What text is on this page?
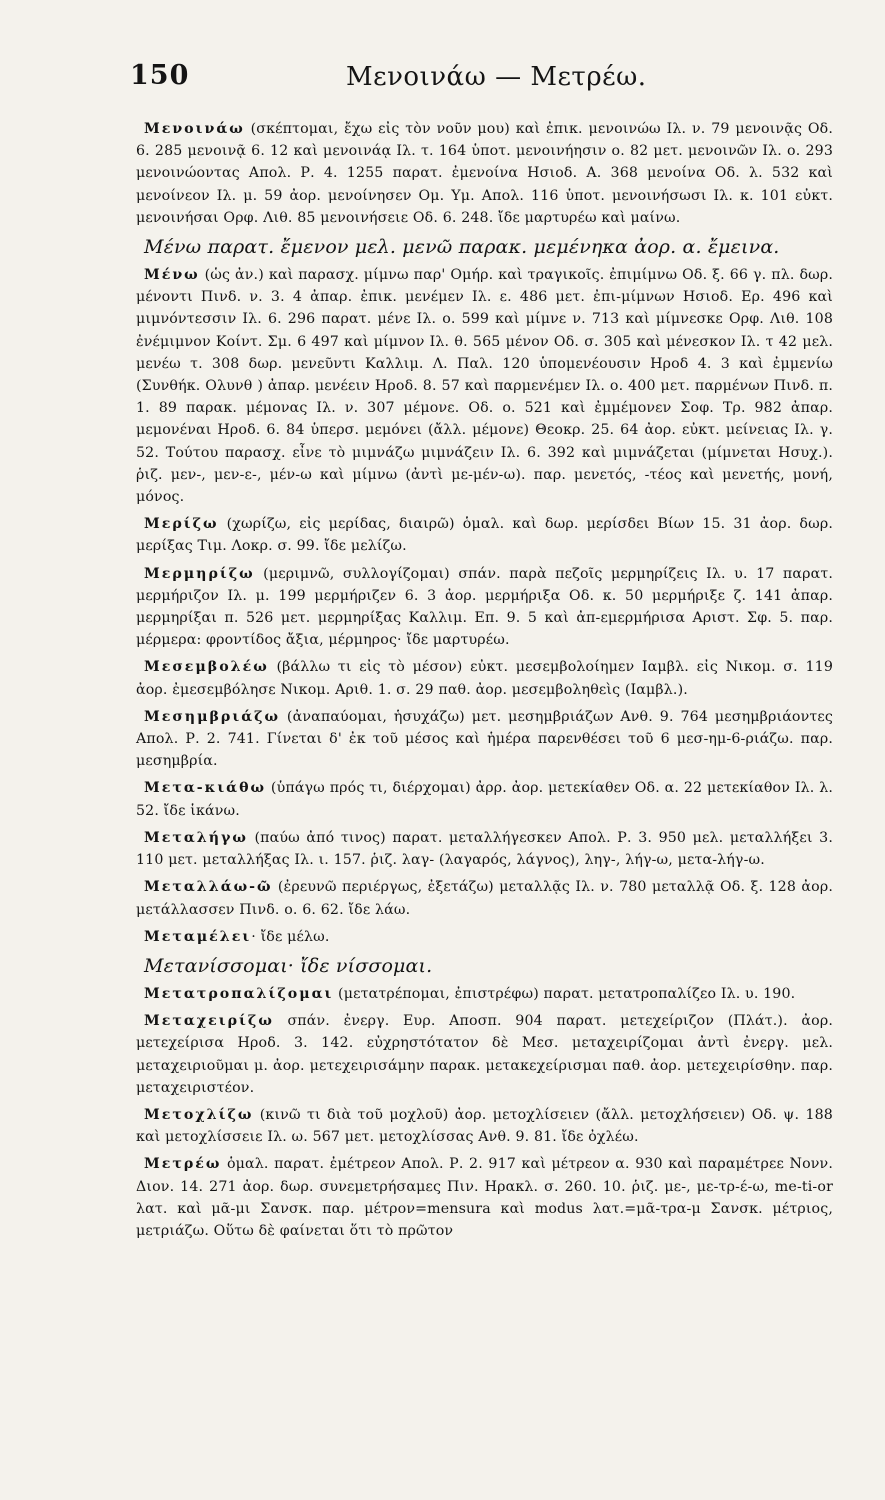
150	Μενοινάω — Μετρέω.

Μενοινάω (σκέπτομαι, ἔχω εἰς τὸν νοῦν μου) καὶ ἐπικ. μενοινώω Ιλ. ν. 79 μενοινᾷς Οδ. 6. 285 μενοινᾷ 6. 12 καὶ μενοινάᾳ Ιλ. τ. 164 ὑποτ. μενοινήησιν ο. 82 μετ. μενοινῶν Ιλ. ο. 293 μενοινώοντας Απολ. Ρ. 4. 1255 παρατ. ἐμενοίνα Ησιοδ. Α. 368 μενοίνα Οδ. λ. 532 καὶ μενοίνεον Ιλ. μ. 59 ἀορ. μενοίνησεν Ομ. Υμ. Απολ. 116 ὑποτ. μενοινήσωσι Ιλ. κ. 101 εὐκτ. μενοινήσαι Ορφ. Λιθ. 85 μενοινήσειε Οδ. 6. 248. ἴδε μαρτυρέω καὶ μαίνω.

Μένω παρατ. ἔμενον μελ. μενῶ παρακ. μεμένηκα ἀορ. α. ἔμεινα.

Μένω (ὡς ἀν.) καὶ παρασχ. μίμνω παρ' Ομήρ. καὶ τραγικοῖς. ἐπιμίμνω Οδ. ξ. 66 γ. πλ. δωρ. μένοντι Πινδ. ν. 3. 4 ἀπαρ. ἐπικ. μενέμεν Ιλ. ε. 486 μετ. ἐπι-μίμνων Ησιοδ. Ερ. 496 καὶ μιμνόντεσσιν Ιλ. 6. 296 παρατ. μένε Ιλ. ο. 599 καὶ μίμνε ν. 713 καὶ μίμνεσκε Ορφ. Λιθ. 108 ἐνέμιμνον Κοίντ. Σμ. 6 497 καὶ μίμνον Ιλ. θ. 565 μένον Οδ. σ. 305 καὶ μένεσκον Ιλ. τ 42 μελ. μενέω τ. 308 δωρ. μενεῦντι Καλλιμ. Λ. Παλ. 120 ὑπομενέουσιν Ηροδ 4. 3 καὶ ἐμμενίω (Συνθήκ. Ολυνθ ) ἀπαρ. μενέειν Ηροδ. 8. 57 καὶ παρμενέμεν Ιλ. ο. 400 μετ. παρμένων Πινδ. π. 1. 89 παρακ. μέμονας Ιλ. ν. 307 μέμονε. Οδ. ο. 521 καὶ ἐμμέμονεν Σοφ. Τρ. 982 ἀπαρ. μεμονέναι Ηροδ. 6. 84 ὑπερσ. μεμόνει (ἄλλ. μέμονε) Θεοκρ. 25. 64 ἀορ. εὐκτ. μείνειας Ιλ. γ. 52. Τούτου παρασχ. εἶνε τὸ μιμνάζω μιμνάζειν Ιλ. 6. 392 καὶ μιμνάζεται (μίμνεται Ησυχ.). ῥιζ. μεν-, μεν-ε-, μέν-ω καὶ μίμνω (ἀντὶ με-μέν-ω). παρ. μενετός, -τέος καὶ μενετής, μονή, μόνος.

Μερίζω (χωρίζω, εἰς μερίδας, διαιρῶ) ὁμαλ. καὶ δωρ. μερίσδει Βίων 15. 31 ἀορ. δωρ. μερίξας Τιμ. Λοκρ. σ. 99. ἴδε μελίζω.

Μερμηρίζω (μεριμνῶ, συλλογίζομαι) σπάν. παρὰ πεζοῖς μερμηρίζεις Ιλ. υ. 17 παρατ. μερμήριζον Ιλ. μ. 199 μερμήριζεν 6. 3 ἀορ. μερμήριξα Οδ. κ. 50 μερμήριξε ζ. 141 ἀπαρ. μερμηρίξαι π. 526 μετ. μερμηρίξας Καλλιμ. Επ. 9. 5 καὶ ἀπ-εμερμήρισα Αριστ. Σφ. 5. παρ. μέρμερα: φροντίδος ἄξια, μέρμηρος· ἴδε μαρτυρέω.

Μεσεμβολέω (βάλλω τι εἰς τὸ μέσον) εὐκτ. μεσεμβολοίημεν Ιαμβλ. εἰς Νικομ. σ. 119 ἀορ. ἐμεσεμβόλησε Νικομ. Αριθ. 1. σ. 29 παθ. ἀορ. μεσεμβοληθεὶς (Ιαμβλ.).

Μεσημβριάζω (ἀναπαύομαι, ἡσυχάζω) μετ. μεσημβριάζων Ανθ. 9. 764 μεσημβριάοντες Απολ. Ρ. 2. 741. Γίνεται δ' ἐκ τοῦ μέσος καὶ ἡμέρα παρενθέσει τοῦ 6 μεσ-ημ-6-ριάζω. παρ. μεσημβρία.

Μετα-κιάθω (ὑπάγω πρός τι, διέρχομαι) ἀρρ. ἀορ. μετεκίαθεν Οδ. α. 22 μετεκίαθον Ιλ. λ. 52. ἴδε ἱκάνω.

Μεταλήγω (παύω ἀπό τινος) παρατ. μεταλλήγεσκεν Απολ. Ρ. 3. 950 μελ. μεταλλήξει 3. 110 μετ. μεταλλήξας Ιλ. ι. 157. ῥιζ. λαγ- (λαγαρός, λάγνος), ληγ-, λήγ-ω, μετα-λήγ-ω.

Μεταλλάω-ῶ (ἐρευνῶ περιέργως, ἐξετάζω) μεταλλᾷς Ιλ. ν. 780 μεταλλᾷ Οδ. ξ. 128 ἀορ. μετάλλασσεν Πινδ. ο. 6. 62. ἴδε λάω.

Μεταμέλει· ἴδε μέλω.

Μετανίσσομαι· ἴδε νίσσομαι.

Μετατροπαλίζομαι (μετατρέπομαι, ἐπιστρέφω) παρατ. μετατροπαλίζεο Ιλ. υ. 190.

Μεταχειρίζω σπάν. ἐνεργ. Ευρ. Αποσπ. 904 παρατ. μετεχείριζον (Πλάτ.). ἀορ. μετεχείρισα Ηροδ. 3. 142. εὐχρηστότατον δὲ Μεσ. μεταχειρίζομαι ἀντὶ ἐνεργ. μελ. μεταχειριοῦμαι μ. ἀορ. μετεχειρισάμην παρακ. μετακεχείρισμαι παθ. ἀορ. μετεχειρίσθην. παρ. μεταχειριστέον.

Μετοχλίζω (κινῶ τι διὰ τοῦ μοχλοῦ) ἀορ. μετοχλίσειεν (ἄλλ. μετοχλήσειεν) Οδ. ψ. 188 καὶ μετοχλίσσειε Ιλ. ω. 567 μετ. μετοχλίσσας Ανθ. 9. 81. ἴδε ὀχλέω.

Μετρέω ὁμαλ. παρατ. ἐμέτρεον Απολ. Ρ. 2. 917 καὶ μέτρεον α. 930 καὶ παραμέτρεε Νονν. Διον. 14. 271 ἀορ. δωρ. συνεμετρήσαμες Πιν. Ηρακλ. σ. 260. 10. ῥιζ. με-, με-τρ-έ-ω, me-ti-or λατ. καὶ μᾶ-μι Σανσκ. παρ. μέτρον=mensura καὶ modus λατ.=μᾶ-τρα-μ Σανσκ. μέτριος, μετριάζω. Οὕτω δὲ φαίνεται ὅτι τὸ πρῶτον
